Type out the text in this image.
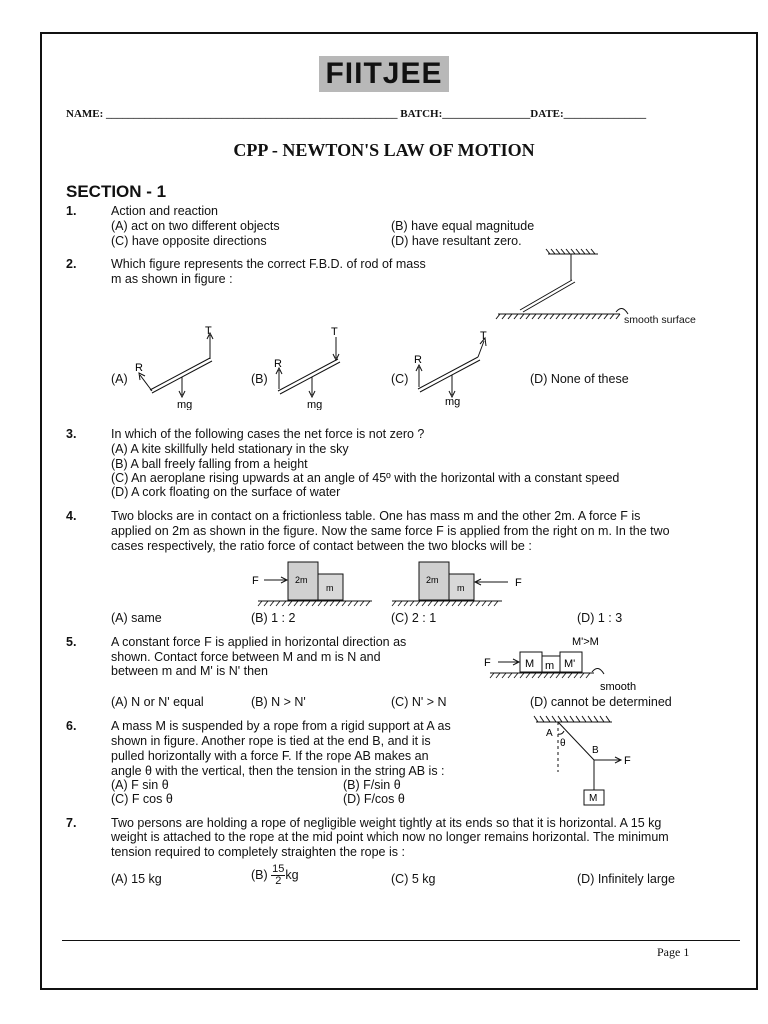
FIITJEE
NAME: _____________________________________________________ BATCH:________________DATE:_______________
CPP - NEWTON'S LAW OF MOTION
SECTION - 1
1.	Action and reaction
(A) act on two different objects	(B) have equal magnitude
(C) have opposite directions	(D) have resultant zero.
2.	Which figure represents the correct F.B.D. of rod of mass
m as shown in figure :
smooth surface
T
R
mg
(A)
T
R
mg
(B)
T
R
mg
(C)	(D) None of these
3.	In which of the following cases the net force is not zero ?
(A) A kite skillfully held stationary in the sky
(B) A ball freely falling from a height
(C) An aeroplane rising upwards at an angle of 45º with the horizontal with a constant speed
(D) A cork floating on the surface of water
4.	Two blocks are in contact on a frictionless table. One has mass m and the other 2m. A force F is
applied on 2m as shown in the figure. Now the same force F is applied from the right on m. In the two
cases respectively, the ratio force of contact between the two blocks will be :
F	2m
m	F
2m
m
(A) same	(B) 1 : 2	(C) 2 : 1	(D) 1 : 3
5.	A constant force F is applied in horizontal direction as
shown. Contact force between M and m is N and
between m and M' is N' then
M'>M
F	M m M'
smooth
(A) N or N' equal	(B) N > N'	(C) N' > N	(D) cannot be determined
6.	A mass M is suspended by a rope from a rigid support at A as
shown in figure. Another rope is tied at the end B, and it is
pulled horizontally with a force F. If the rope AB makes an
angle θ with the vertical, then the tension in the string AB is :
(A) F sin θ	(B) F/sin θ
(C) F cos θ	(D) F/cos θ
A
θ
B
F
M
7.	Two persons are holding a rope of negligible weight tightly at its ends so that it is horizontal. A 15 kg
weight is attached to the rope at the mid point which now no longer remains horizontal. The minimum
tension required to completely straighten the rope is :
(A) 15 kg	$(B) \frac{15}{2}$ kg	(C) 5 kg	(D) Infinitely large
Page 1
